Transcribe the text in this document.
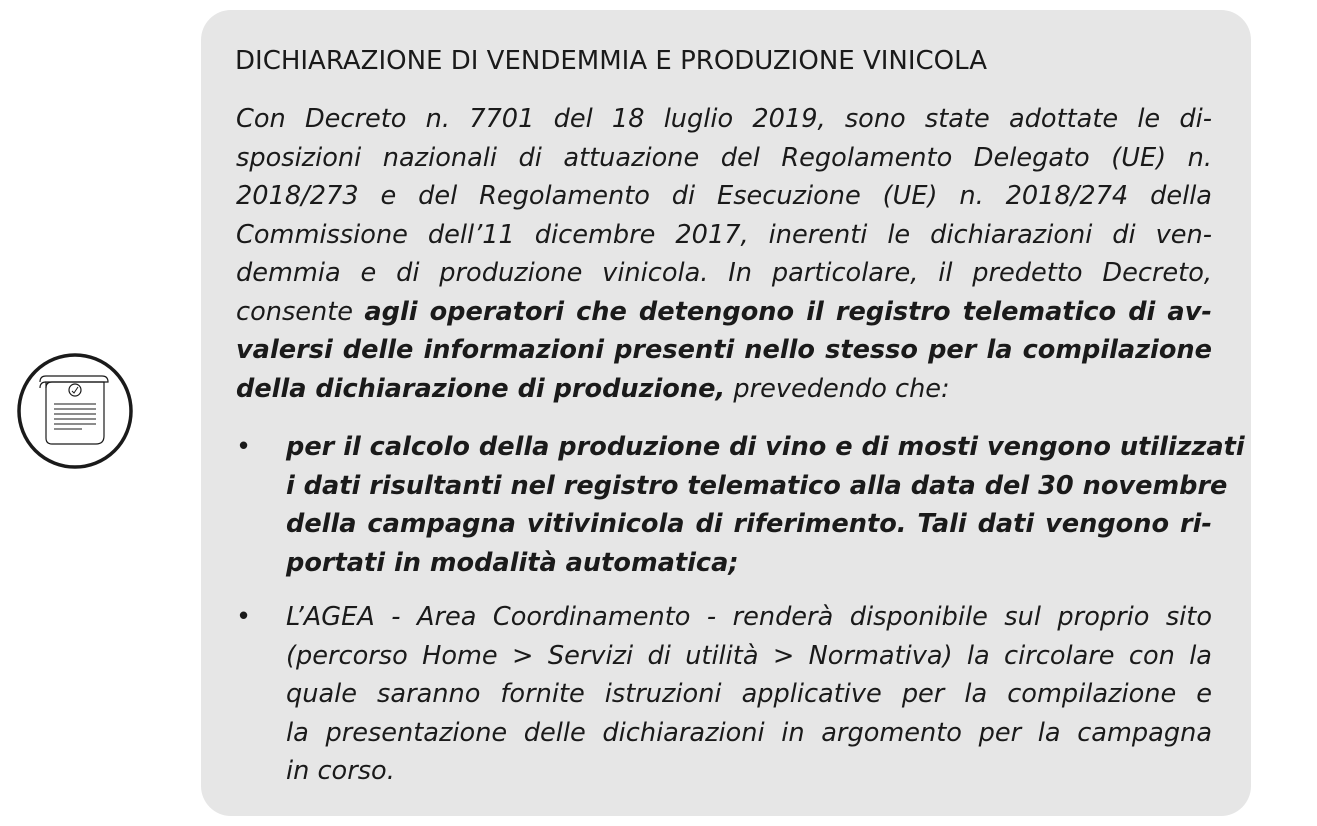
DICHIARAZIONE DI VENDEMMIA E PRODUZIONE VINICOLA
Con Decreto n. 7701 del 18 luglio 2019, sono state adottate le di-
sposizioni nazionali di attuazione del Regolamento Delegato (UE) n.
2018/273 e del Regolamento di Esecuzione (UE) n. 2018/274 della
Commissione dell’11 dicembre 2017, inerenti le dichiarazioni di ven-
demmia e di produzione vinicola. In particolare, il predetto Decreto,
consente agli operatori che detengono il registro telematico di av-
valersi delle informazioni presenti nello stesso per la compilazione
della dichiarazione di produzione, prevedendo che:
• per il calcolo della produzione di vino e di mosti vengono utilizzati
i dati risultanti nel registro telematico alla data del 30 novembre
della campagna vitivinicola di riferimento. Tali dati vengono ri-
portati in modalità automatica;
• L’AGEA - Area Coordinamento - renderà disponibile sul proprio sito
(percorso Home > Servizi di utilità > Normativa) la circolare con la
quale saranno fornite istruzioni applicative per la compilazione e
la presentazione delle dichiarazioni in argomento per la campagna
in corso.
